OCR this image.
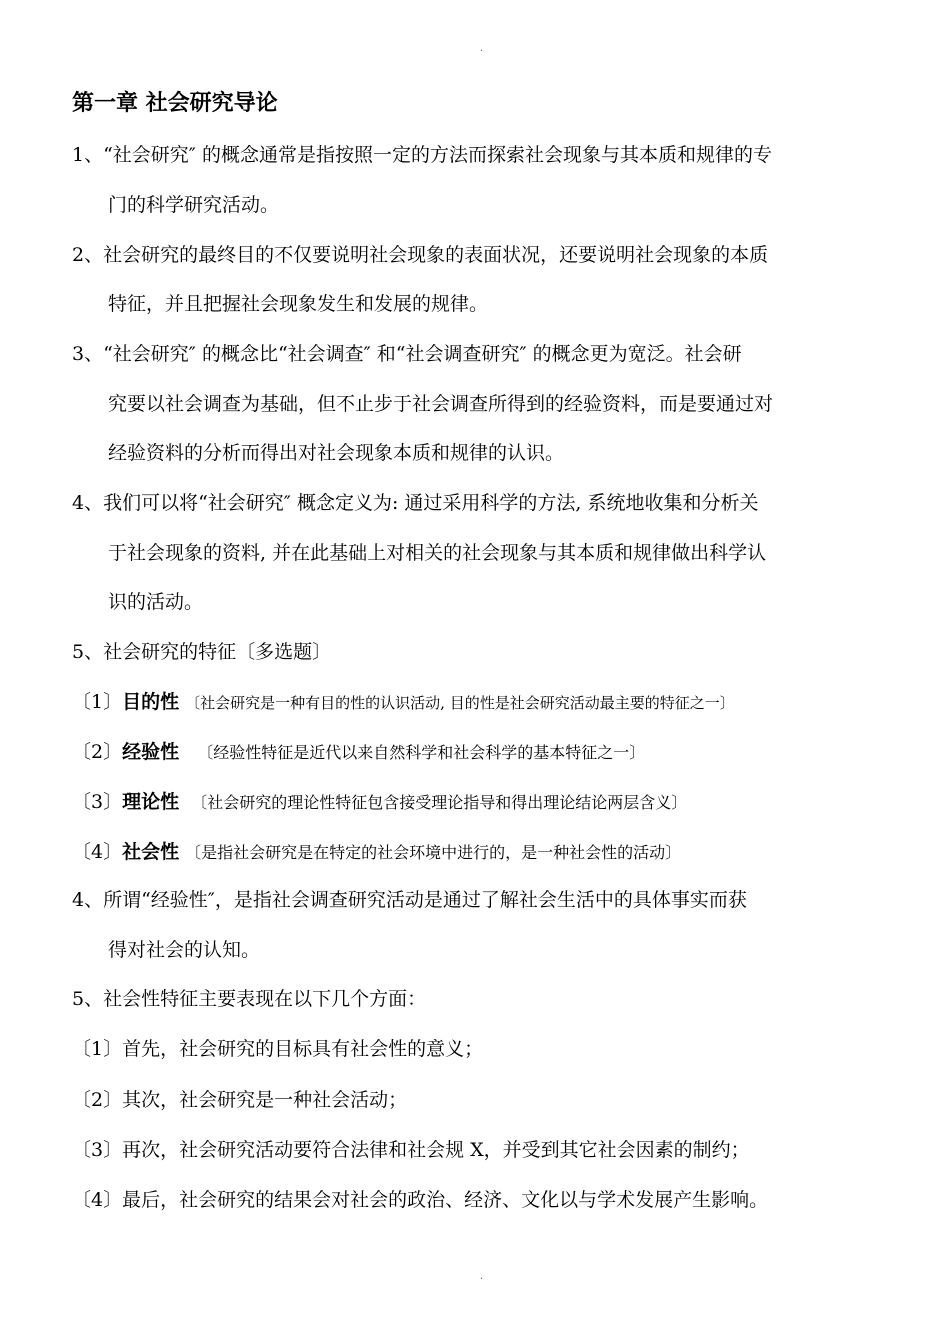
.
第一章 社会研究导论
1、“社会研究″ 的概念通常是指按照一定的方法而探索社会现象与其本质和规律的专
门的科学研究活动。
2、社会研究的最终目的不仅要说明社会现象的表面状况，还要说明社会现象的本质
特征，并且把握社会现象发生和发展的规律。
3、“社会研究″ 的概念比“社会调查″ 和“社会调查研究″ 的概念更为宽泛。社会研
究要以社会调查为基础，但不止步于社会调查所得到的经验资料，而是要通过对
经验资料的分析而得出对社会现象本质和规律的认识。
4、我们可以将“社会研究″ 概念定义为: 通过采用科学的方法, 系统地收集和分析关
于社会现象的资料, 并在此基础上对相关的社会现象与其本质和规律做出科学认
识的活动。
5、社会研究的特征〔多选题〕
〔1〕目的性 〔社会研究是一种有目的性的认识活动, 目的性是社会研究活动最主要的特征之一〕
〔2〕经验性 〔经验性特征是近代以来自然科学和社会科学的基本特征之一〕
〔3〕理论性 〔社会研究的理论性特征包含接受理论指导和得出理论结论两层含义〕
〔4〕社会性 〔是指社会研究是在特定的社会环境中进行的，是一种社会性的活动〕
4、所谓“经验性″，是指社会调查研究活动是通过了解社会生活中的具体事实而获
得对社会的认知。
5、社会性特征主要表现在以下几个方面：
〔1〕首先，社会研究的目标具有社会性的意义；
〔2〕其次，社会研究是一种社会活动；
〔3〕再次，社会研究活动要符合法律和社会规 X，并受到其它社会因素的制约；
〔4〕最后，社会研究的结果会对社会的政治、经济、文化以与学术发展产生影响。
.
